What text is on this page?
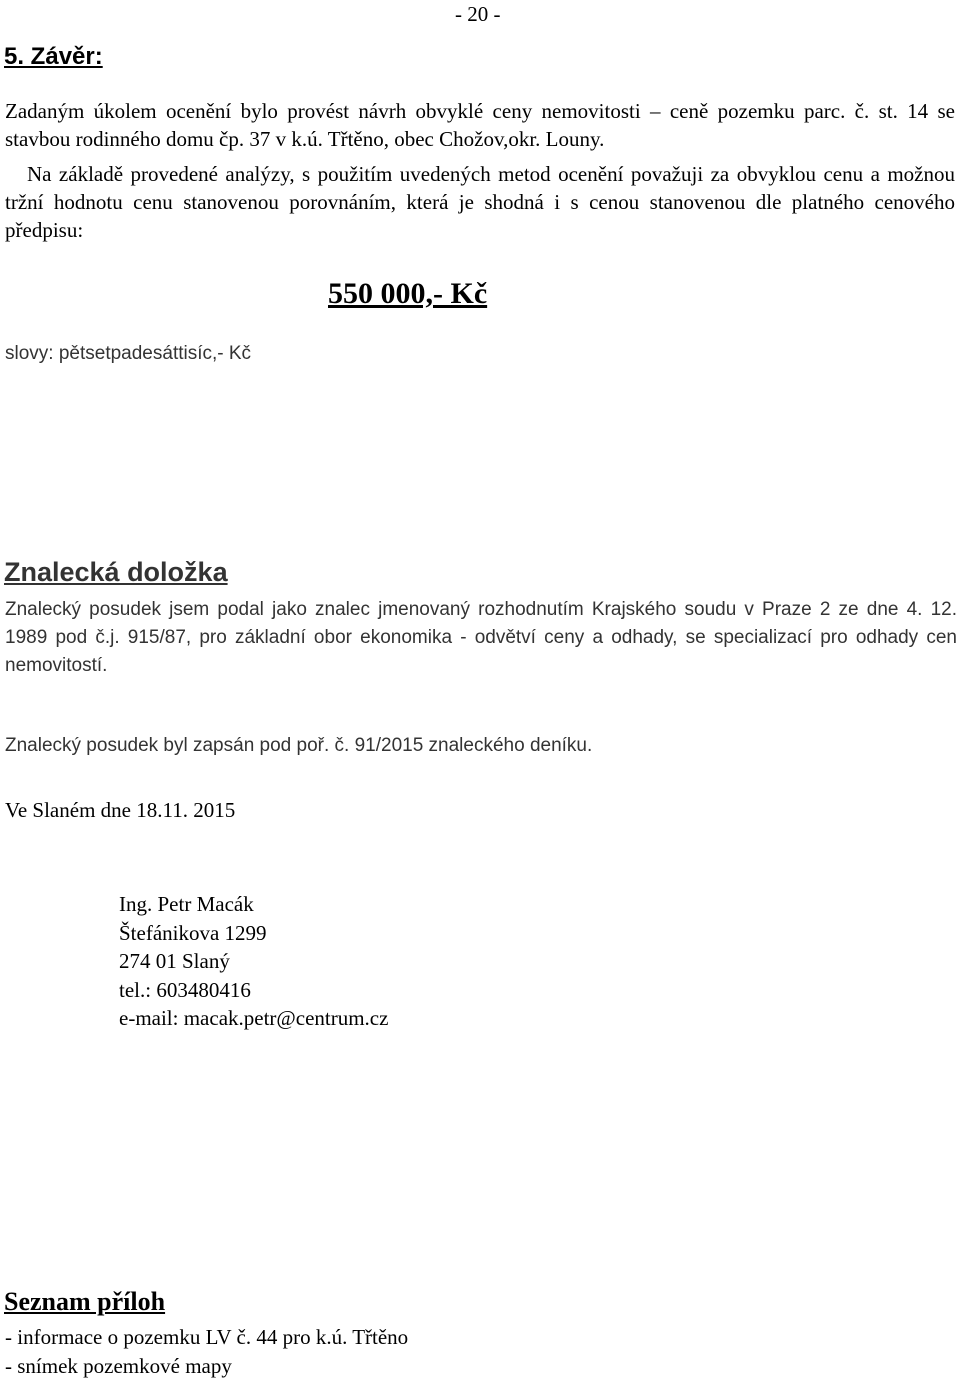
- 20 -
5. Závěr:

Zadaným úkolem ocenění bylo provést návrh obvyklé ceny nemovitosti – ceně pozemku parc. č. st. 14 se stavbou rodinného domu čp. 37 v k.ú. Třtěno, obec Chožov,okr. Louny.

Na základě provedené analýzy, s použitím uvedených metod ocenění považuji za obvyklou cenu a možnou tržní hodnotu cenu stanovenou porovnáním, která je shodná i s cenou stanovenou dle platného cenového předpisu:

550 000,- Kč
slovy: pětsetpadesáttisíc,- Kč
Znalecká doložka

Znalecký posudek jsem podal jako znalec jmenovaný rozhodnutím Krajského soudu v Praze 2 ze dne 4. 12. 1989 pod č.j. 915/87, pro základní obor ekonomika - odvětví ceny a odhady, se specializací pro odhady cen nemovitostí.

Znalecký posudek byl zapsán pod poř. č. 91/2015 znaleckého deníku.

Ve Slaném dne 18.11. 2015
Ing. Petr Macák
Štefánikova 1299
274 01 Slaný
tel.: 603480416
e-mail: macak.petr@centrum.cz
Seznam příloh
- informace o pozemku LV č. 44 pro k.ú. Třtěno
- snímek pozemkové mapy
